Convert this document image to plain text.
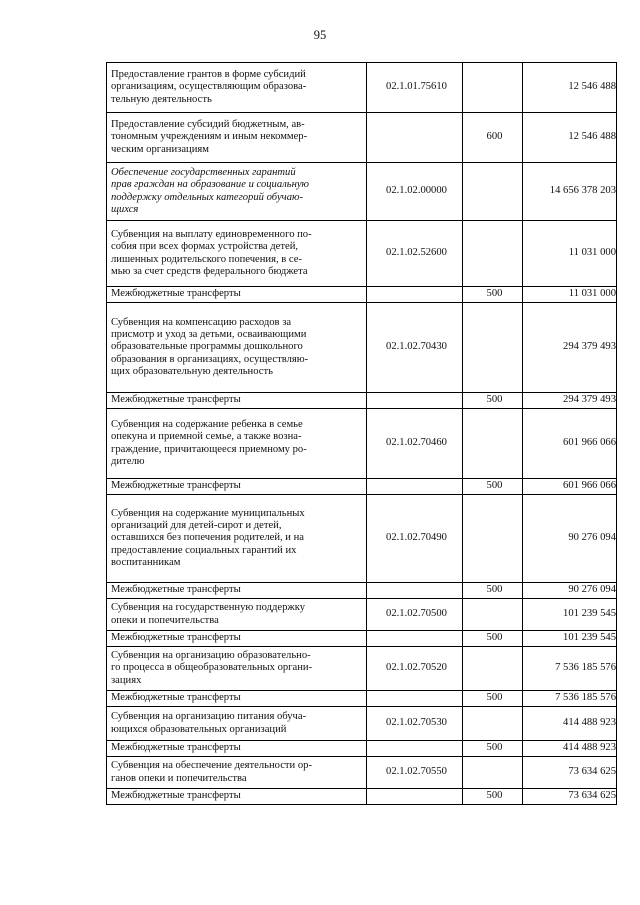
95
Предоставление грантов в форме субсидий
организациям, осуществляющим образова-
тельную деятельность	02.1.01.75610		12 546 488

Предоставление субсидий бюджетным, ав-
тономным учреждениям и иным некоммер-
ческим организациям		600	12 546 488

Обеспечение государственных гарантий
прав граждан на образование и социальную
поддержку отдельных категорий обучаю-
щихся	02.1.02.00000		14 656 378 203

Субвенция на выплату единовременного по-
собия при всех формах устройства детей,
лишенных родительского попечения, в се-
мью за счет средств федерального бюджета	02.1.02.52600		11 031 000

Межбюджетные трансферты		500	11 031 000

Субвенция на компенсацию расходов за
присмотр и уход за детьми, осваивающими
образовательные программы дошкольного
образования в организациях, осуществляю-
щих образовательную деятельность	02.1.02.70430		294 379 493

Межбюджетные трансферты		500	294 379 493

Субвенция на содержание ребенка в семье
опекуна и приемной семье, а также возна-
граждение, причитающееся приемному ро-
дителю	02.1.02.70460		601 966 066

Межбюджетные трансферты		500	601 966 066

Субвенция на содержание муниципальных
организаций для детей-сирот и детей,
оставшихся без попечения родителей, и на
предоставление социальных гарантий их
воспитанникам	02.1.02.70490		90 276 094

Межбюджетные трансферты		500	90 276 094

Субвенция на государственную поддержку
опеки и попечительства	02.1.02.70500		101 239 545

Межбюджетные трансферты		500	101 239 545

Субвенция на организацию образовательно-
го процесса в общеобразовательных органи-
зациях	02.1.02.70520		7 536 185 576

Межбюджетные трансферты		500	7 536 185 576

Субвенция на организацию питания обуча-
ющихся образовательных организаций	02.1.02.70530		414 488 923

Межбюджетные трансферты		500	414 488 923

Субвенция на обеспечение деятельности ор-
ганов опеки и попечительства	02.1.02.70550		73 634 625

Межбюджетные трансферты		500	73 634 625
